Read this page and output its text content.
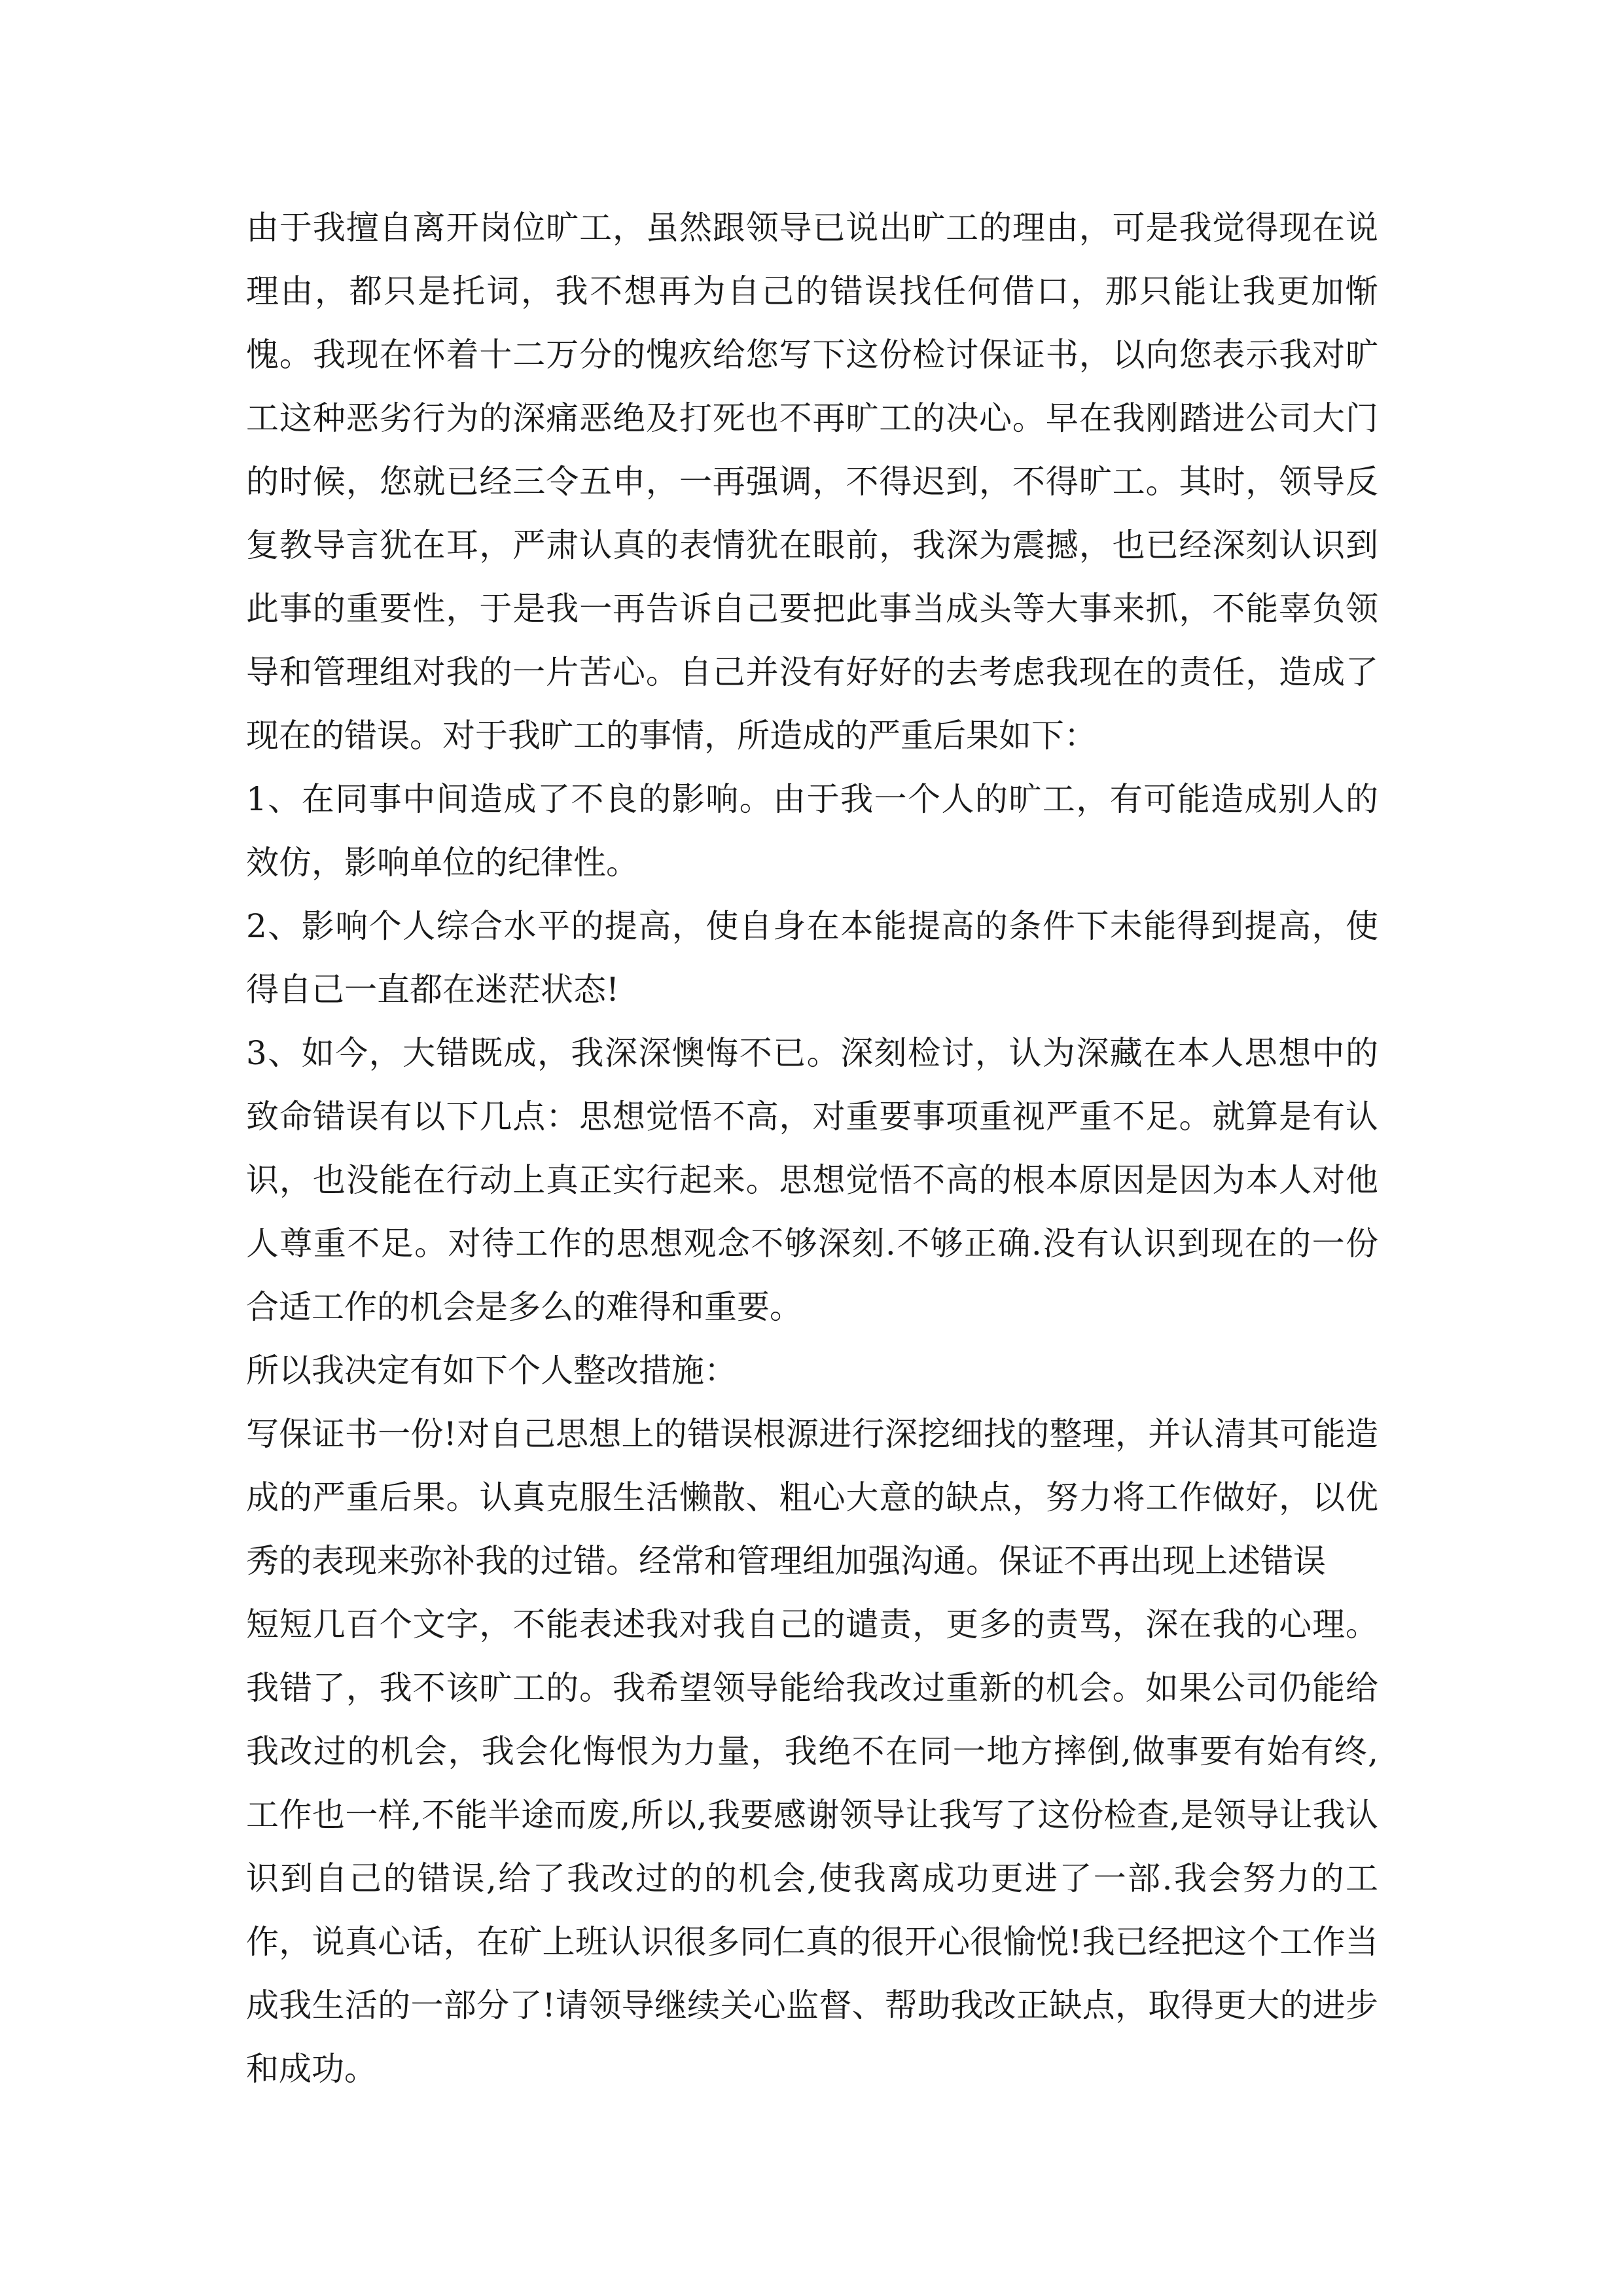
由于我擅自离开岗位旷工，虽然跟领导已说出旷工的理由，可是我觉得现在说理由，都只是托词，我不想再为自己的错误找任何借口，那只能让我更加惭愧。我现在怀着十二万分的愧疚给您写下这份检讨保证书，以向您表示我对旷工这种恶劣行为的深痛恶绝及打死也不再旷工的决心。早在我刚踏进公司大门的时候，您就已经三令五申，一再强调，不得迟到，不得旷工。其时，领导反复教导言犹在耳，严肃认真的表情犹在眼前，我深为震撼，也已经深刻认识到此事的重要性，于是我一再告诉自己要把此事当成头等大事来抓，不能辜负领导和管理组对我的一片苦心。自己并没有好好的去考虑我现在的责任，造成了现在的错误。对于我旷工的事情，所造成的严重后果如下：

1、在同事中间造成了不良的影响。由于我一个人的旷工，有可能造成别人的效仿，影响单位的纪律性。

2、影响个人综合水平的提高，使自身在本能提高的条件下未能得到提高，使得自己一直都在迷茫状态!

3、如今，大错既成，我深深懊悔不已。深刻检讨，认为深藏在本人思想中的致命错误有以下几点：思想觉悟不高，对重要事项重视严重不足。就算是有认识，也没能在行动上真正实行起来。思想觉悟不高的根本原因是因为本人对他人尊重不足。对待工作的思想观念不够深刻.不够正确.没有认识到现在的一份合适工作的机会是多么的难得和重要。

所以我决定有如下个人整改措施：

写保证书一份!对自己思想上的错误根源进行深挖细找的整理，并认清其可能造成的严重后果。认真克服生活懒散、粗心大意的缺点，努力将工作做好，以优秀的表现来弥补我的过错。经常和管理组加强沟通。保证不再出现上述错误

短短几百个文字，不能表述我对我自己的谴责，更多的责骂，深在我的心理。我错了，我不该旷工的。我希望领导能给我改过重新的机会。如果公司仍能给我改过的机会，我会化悔恨为力量，我绝不在同一地方摔倒,做事要有始有终,工作也一样,不能半途而废,所以,我要感谢领导让我写了这份检查,是领导让我认识到自己的错误,给了我改过的的机会,使我离成功更进了一部.我会努力的工作，说真心话，在矿上班认识很多同仁真的很开心很愉悦!我已经把这个工作当成我生活的一部分了!请领导继续关心监督、帮助我改正缺点，取得更大的进步和成功。
